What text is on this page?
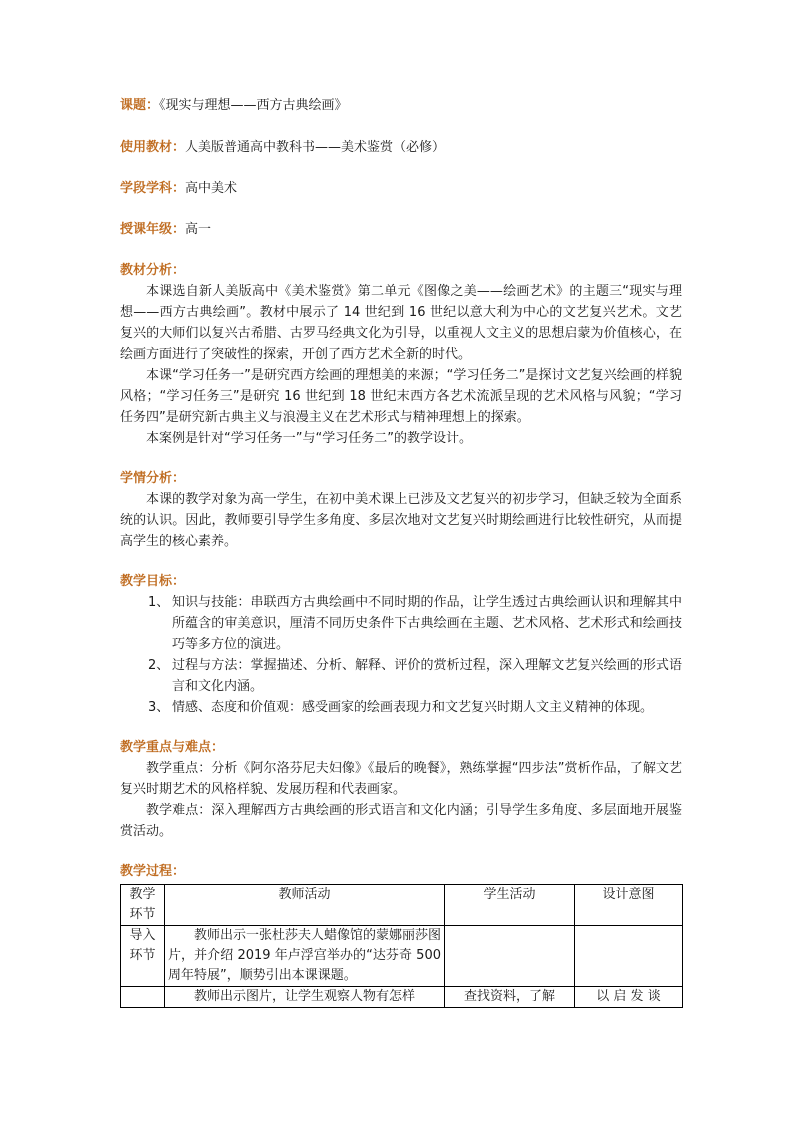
课题：《现实与理想——西方古典绘画》

使用教材：人美版普通高中教科书——美术鉴赏（必修）

学段学科：高中美术

授课年级：高一

教材分析：

本课选自新人美版高中《美术鉴赏》第二单元《图像之美——绘画艺术》的主题三“现实与理想——西方古典绘画”。教材中展示了 14 世纪到 16 世纪以意大利为中心的文艺复兴艺术。文艺复兴的大师们以复兴古希腊、古罗马经典文化为引导，以重视人文主义的思想启蒙为价值核心，在绘画方面进行了突破性的探索，开创了西方艺术全新的时代。

本课“学习任务一”是研究西方绘画的理想美的来源；“学习任务二”是探讨文艺复兴绘画的样貌风格；“学习任务三”是研究 16 世纪到 18 世纪末西方各艺术流派呈现的艺术风格与风貌；“学习任务四”是研究新古典主义与浪漫主义在艺术形式与精神理想上的探索。

本案例是针对“学习任务一”与“学习任务二”的教学设计。

学情分析：

本课的教学对象为高一学生，在初中美术课上已涉及文艺复兴的初步学习，但缺乏较为全面系统的认识。因此，教师要引导学生多角度、多层次地对文艺复兴时期绘画进行比较性研究，从而提高学生的核心素养。

教学目标：

1、 知识与技能：串联西方古典绘画中不同时期的作品，让学生透过古典绘画认识和理解其中所蕴含的审美意识，厘清不同历史条件下古典绘画在主题、艺术风格、艺术形式和绘画技巧等多方位的演进。
2、 过程与方法：掌握描述、分析、解释、评价的赏析过程，深入理解文艺复兴绘画的形式语言和文化内涵。
3、 情感、态度和价值观：感受画家的绘画表现力和文艺复兴时期人文主义精神的体现。

教学重点与难点：

教学重点：分析《阿尔洛芬尼夫妇像》《最后的晚餐》，熟练掌握“四步法”赏析作品，了解文艺复兴时期艺术的风格样貌、发展历程和代表画家。

教学难点：深入理解西方古典绘画的形式语言和文化内涵；引导学生多角度、多层面地开展鉴赏活动。

教学过程：

教学环节	教师活动	学生活动	设计意图
导入环节	教师出示一张杜莎夫人蜡像馆的蒙娜丽莎图片，并介绍 2019 年卢浮宫举办的“达芬奇 500 周年特展”，顺势引出本课课题。		
	教师出示图片，让学生观察人物有怎样	查找资料，了解	以 启 发 谈
